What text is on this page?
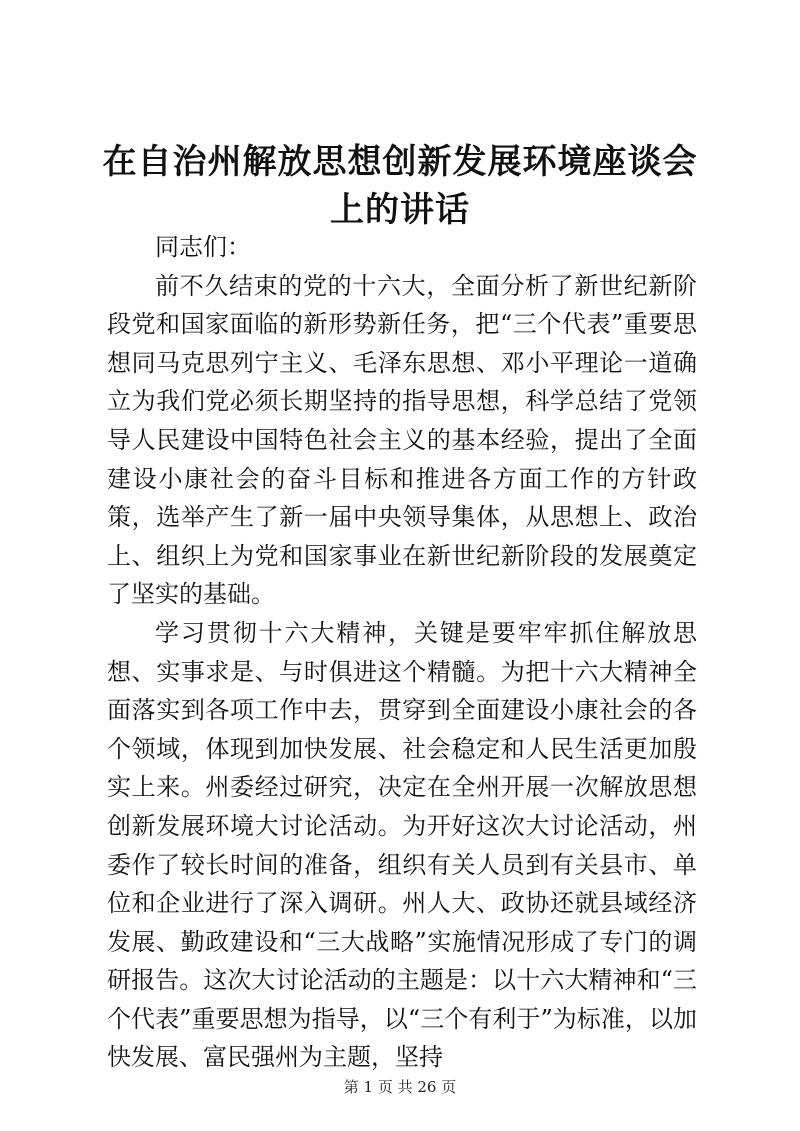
在自治州解放思想创新发展环境座谈会上的讲话

同志们：

前不久结束的党的十六大，全面分析了新世纪新阶段党和国家面临的新形势新任务，把“三个代表”重要思想同马克思列宁主义、毛泽东思想、邓小平理论一道确立为我们党必须长期坚持的指导思想，科学总结了党领导人民建设中国特色社会主义的基本经验，提出了全面建设小康社会的奋斗目标和推进各方面工作的方针政策，选举产生了新一届中央领导集体，从思想上、政治上、组织上为党和国家事业在新世纪新阶段的发展奠定了坚实的基础。

学习贯彻十六大精神，关键是要牢牢抓住解放思想、实事求是、与时俱进这个精髓。为把十六大精神全面落实到各项工作中去，贯穿到全面建设小康社会的各个领域，体现到加快发展、社会稳定和人民生活更加殷实上来。州委经过研究，决定在全州开展一次解放思想创新发展环境大讨论活动。为开好这次大讨论活动，州委作了较长时间的准备，组织有关人员到有关县市、单位和企业进行了深入调研。州人大、政协还就县域经济发展、勤政建设和“三大战略”实施情况形成了专门的调研报告。这次大讨论活动的主题是：以十六大精神和“三个代表”重要思想为指导，以“三个有利于”为标准，以加快发展、富民强州为主题，坚持

第 1 页 共 26 页
